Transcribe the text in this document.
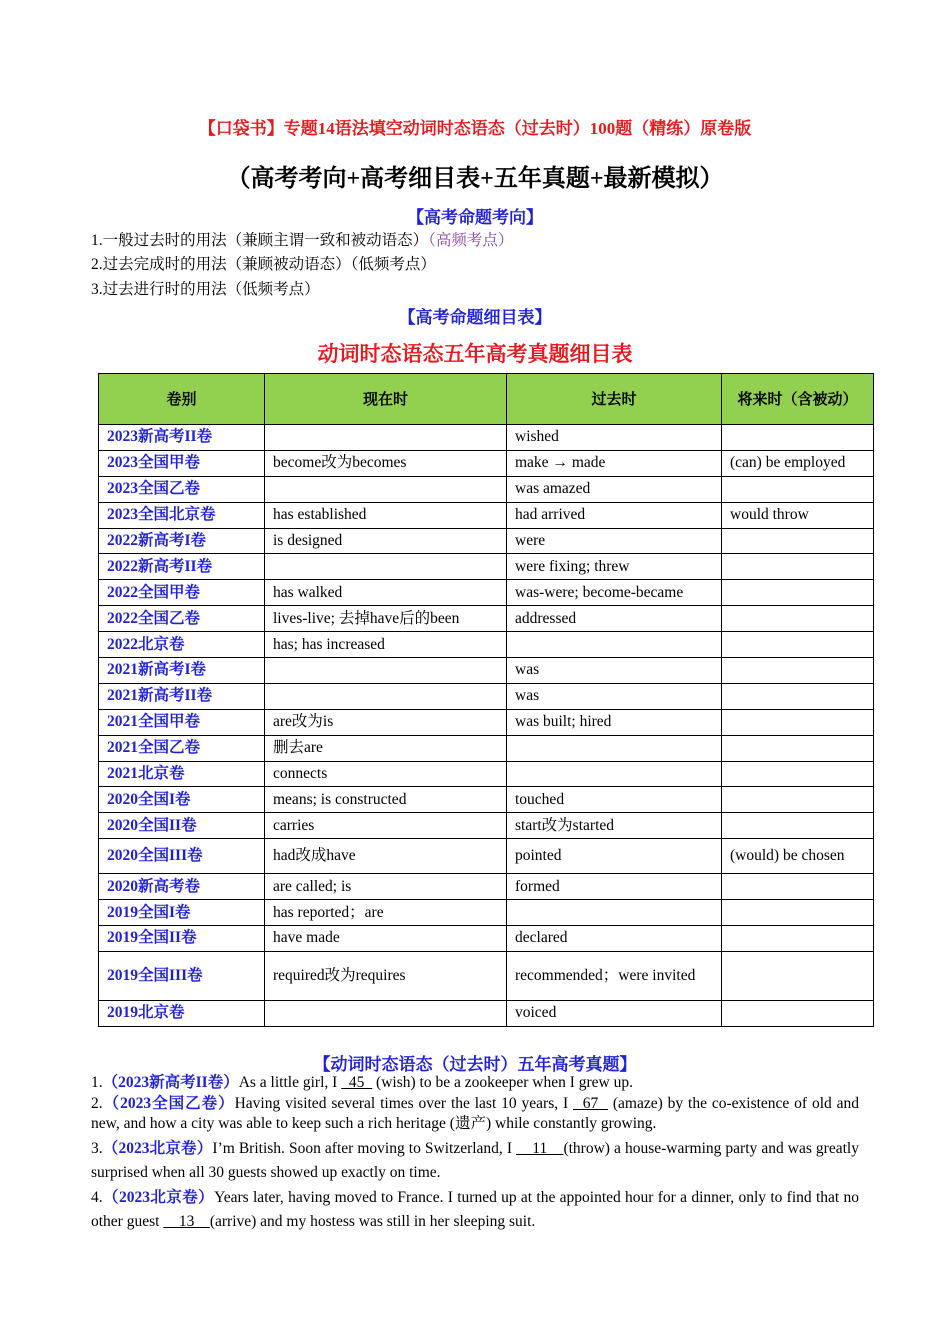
【口袋书】专题14语法填空动词时态语态（过去时）100题（精练）原卷版
（高考考向+高考细目表+五年真题+最新模拟）
【高考命题考向】
1.一般过去时的用法（兼顾主谓一致和被动语态）（高频考点）
2.过去完成时的用法（兼顾被动语态）（低频考点）
3.过去进行时的用法（低频考点）
【高考命题细目表】
动词时态语态五年高考真题细目表
卷别	现在时	过去时	将来时（含被动）
2023新高考II卷		wished	
2023全国甲卷	become改为becomes	make → made	(can) be employed
2023全国乙卷		was amazed	
2023全国北京卷	has established	had arrived	would throw
2022新高考I卷	is designed	were	
2022新高考II卷		were fixing; threw	
2022全国甲卷	has walked	was-were; become-became	
2022全国乙卷	lives-live; 去掉have后的been	addressed	
2022北京卷	has; has increased		
2021新高考I卷		was	
2021新高考II卷		was	
2021全国甲卷	are改为is	was built; hired	
2021全国乙卷	删去are		
2021北京卷	connects		
2020全国I卷	means; is constructed	touched	
2020全国II卷	carries	start改为started	
2020全国III卷	had改成have	pointed	(would) be chosen
2020新高考卷	are called; is	formed	
2019全国I卷	has reported；are		
2019全国II卷	have made	declared	
2019全国III卷	required改为requires	recommended；were invited	
2019北京卷		voiced	
【动词时态语态（过去时）五年高考真题】
1.（2023新高考II卷）As a little girl, I   45   (wish) to be a zookeeper when I grew up.
2.（2023全国乙卷）Having visited several times over the last 10 years, I   67   (amaze) by the co-existence of old and new, and how a city was able to keep such a rich heritage (遗产) while constantly growing.
3.（2023北京卷）I’m British. Soon after moving to Switzerland, I     11    (throw) a house-warming party and was greatly surprised when all 30 guests showed up exactly on time.
4.（2023北京卷）Years later, having moved to France. I turned up at the appointed hour for a dinner, only to find that no other guest     13    (arrive) and my hostess was still in her sleeping suit.
